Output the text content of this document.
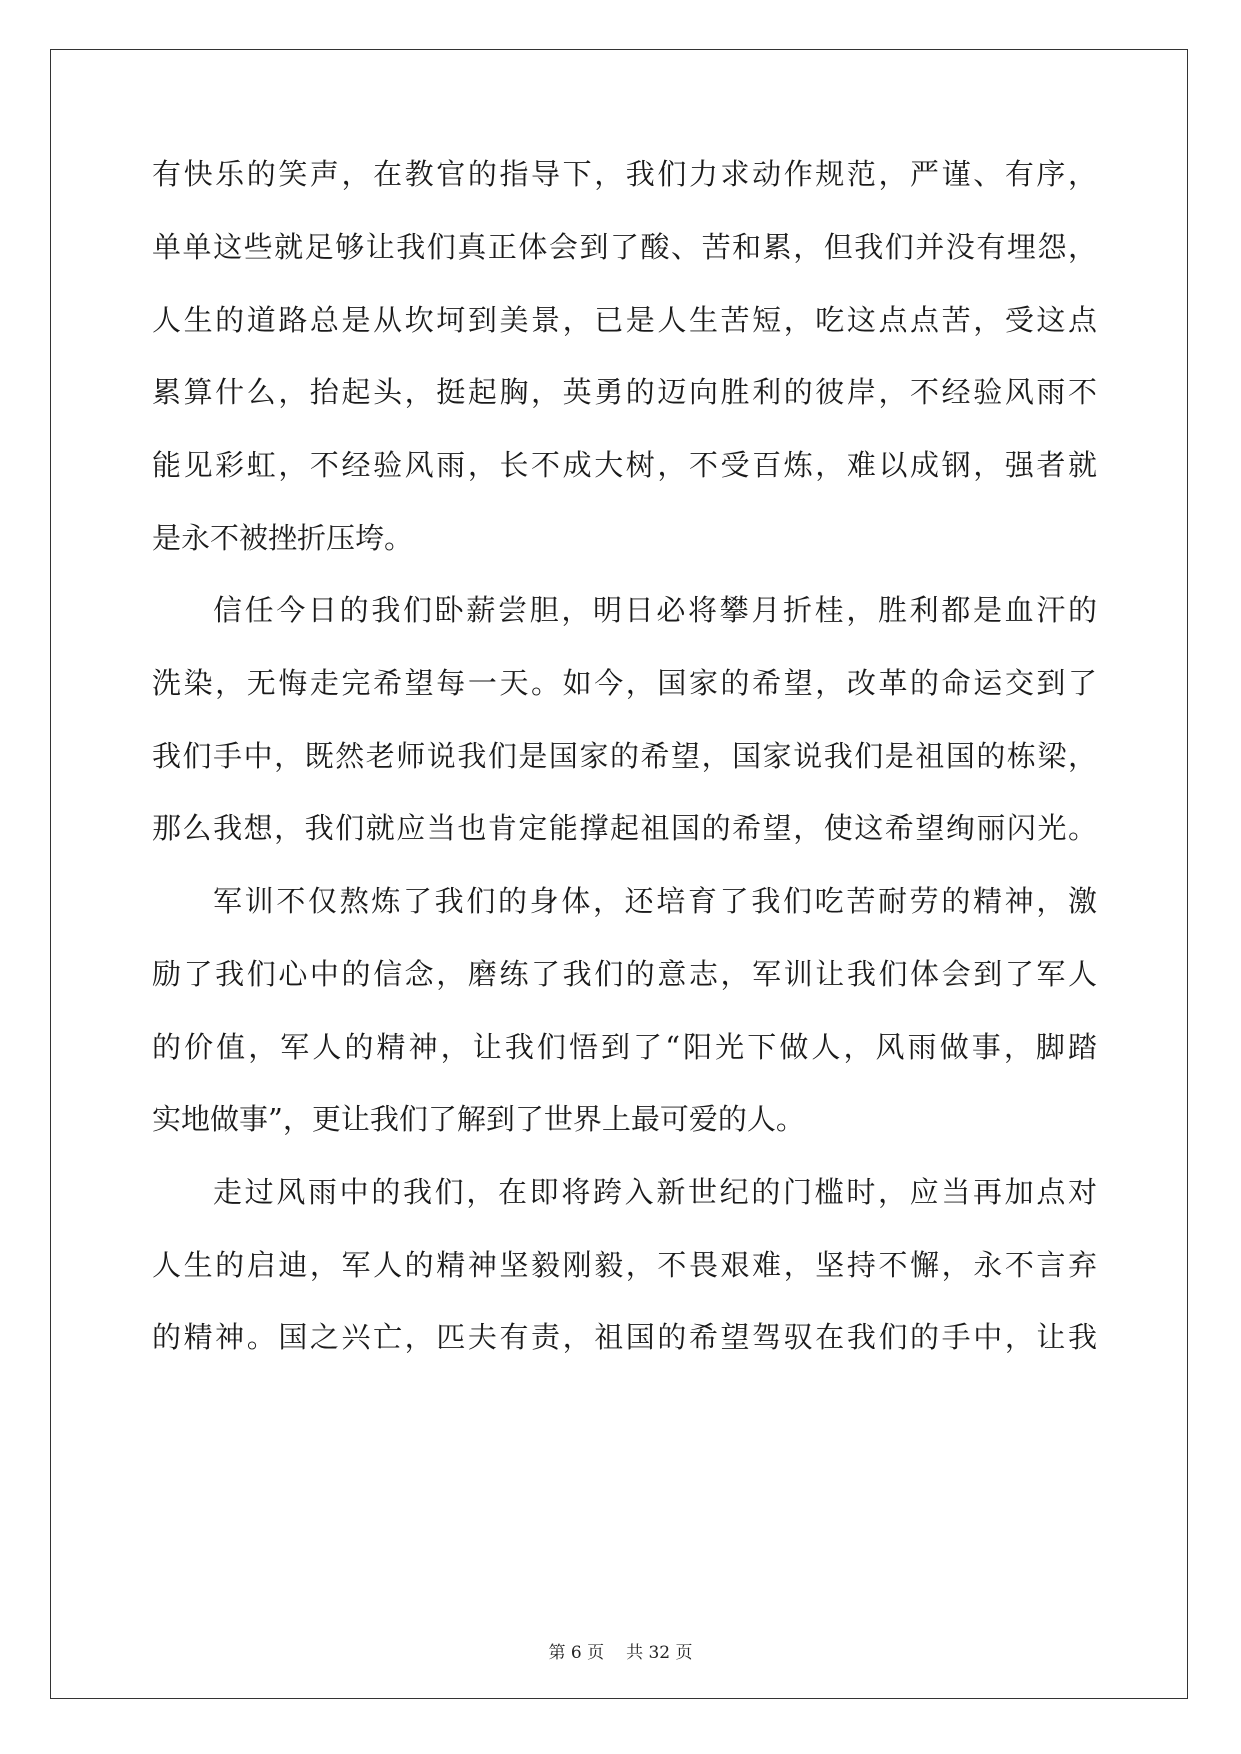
有快乐的笑声，在教官的指导下，我们力求动作规范，严谨、有序，
单单这些就足够让我们真正体会到了酸、苦和累，但我们并没有埋怨，
人生的道路总是从坎坷到美景，已是人生苦短，吃这点点苦，受这点
累算什么，抬起头，挺起胸，英勇的迈向胜利的彼岸，不经验风雨不
能见彩虹，不经验风雨，长不成大树，不受百炼，难以成钢，强者就
是永不被挫折压垮。
信任今日的我们卧薪尝胆，明日必将攀月折桂，胜利都是血汗的
洗染，无悔走完希望每一天。如今，国家的希望，改革的命运交到了
我们手中，既然老师说我们是国家的希望，国家说我们是祖国的栋梁，
那么我想，我们就应当也肯定能撑起祖国的希望，使这希望绚丽闪光。
军训不仅熬炼了我们的身体，还培育了我们吃苦耐劳的精神，激
励了我们心中的信念，磨练了我们的意志，军训让我们体会到了军人
的价值，军人的精神，让我们悟到了“阳光下做人，风雨做事，脚踏
实地做事”，更让我们了解到了世界上最可爱的人。
走过风雨中的我们，在即将跨入新世纪的门槛时，应当再加点对
人生的启迪，军人的精神坚毅刚毅，不畏艰难，坚持不懈，永不言弃
的精神。国之兴亡，匹夫有责，祖国的希望驾驭在我们的手中，让我
第 6 页 共 32 页
